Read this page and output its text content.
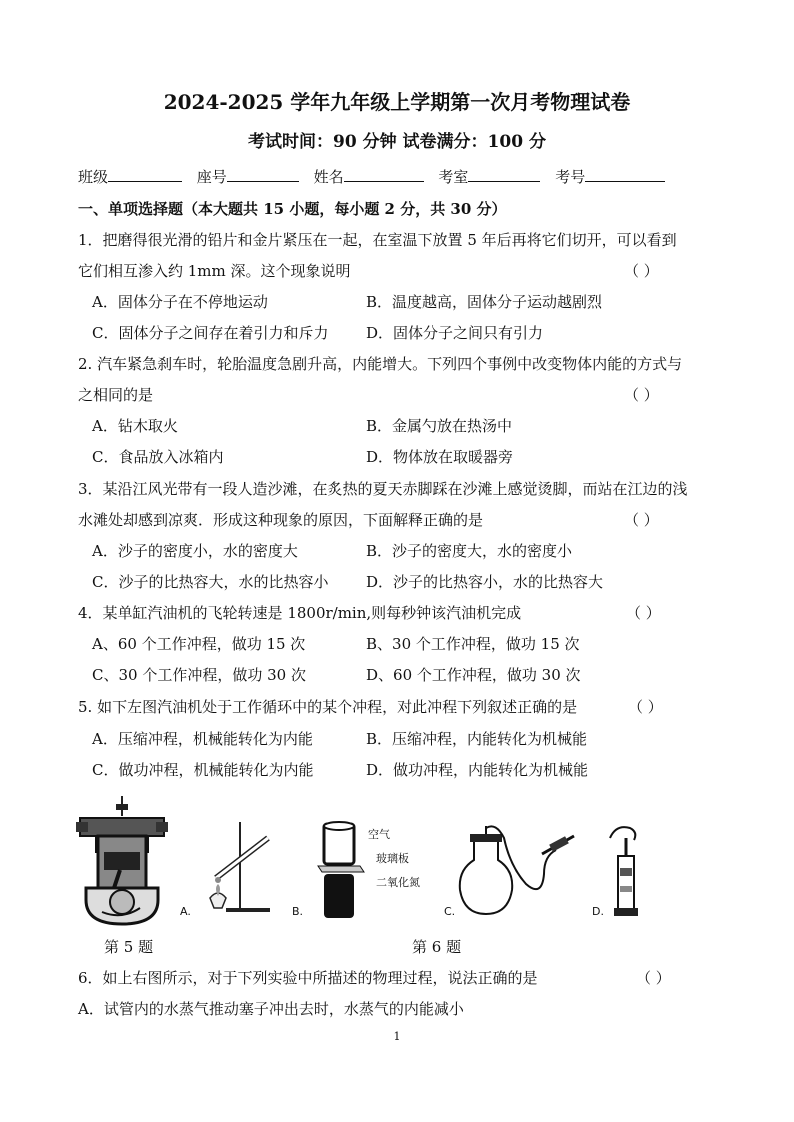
2024-2025 学年九年级上学期第一次月考物理试卷
考试时间：90 分钟 试卷满分：100 分
班级	座号	姓名	考室	考号
一、单项选择题（本大题共 15 小题，每小题 2 分，共 30 分）
1．把磨得很光滑的铅片和金片紧压在一起，在室温下放置 5 年后再将它们切开，可以看到
它们相互渗入约 1mm 深。这个现象说明	（ ）
A．固体分子在不停地运动	B．温度越高，固体分子运动越剧烈
C．固体分子之间存在着引力和斥力	D．固体分子之间只有引力
2. 汽车紧急刹车时，轮胎温度急剧升高，内能增大。下列四个事例中改变物体内能的方式与
之相同的是	（ ）
A．钻木取火	B．金属勺放在热汤中
C．食品放入冰箱内	D．物体放在取暖器旁
3．某沿江风光带有一段人造沙滩，在炙热的夏天赤脚踩在沙滩上感觉烫脚，而站在江边的浅
水滩处却感到凉爽．形成这种现象的原因，下面解释正确的是	（ ）
A．沙子的密度小，水的密度大	B．沙子的密度大，水的密度小
C．沙子的比热容大，水的比热容小	D．沙子的比热容小，水的比热容大
4．某单缸汽油机的飞轮转速是 1800r/min,则每秒钟该汽油机完成	（ ）
A、60 个工作冲程，做功 15 次	B、30 个工作冲程，做功 15 次
C、30 个工作冲程，做功 30 次	D、60 个工作冲程，做功 30 次
5. 如下左图汽油机处于工作循环中的某个冲程，对此冲程下列叙述正确的是	（ ）
A．压缩冲程，机械能转化为内能	B．压缩冲程，内能转化为机械能
C．做功冲程，机械能转化为内能	D．做功冲程，内能转化为机械能
A.
空气
玻璃板
二氧化氮
B.	C.	D.
第 5 题	第 6 题
6．如上右图所示，对于下列实验中所描述的物理过程，说法正确的是	（ ）
A．试管内的水蒸气推动塞子冲出去时，水蒸气的内能减小
1
